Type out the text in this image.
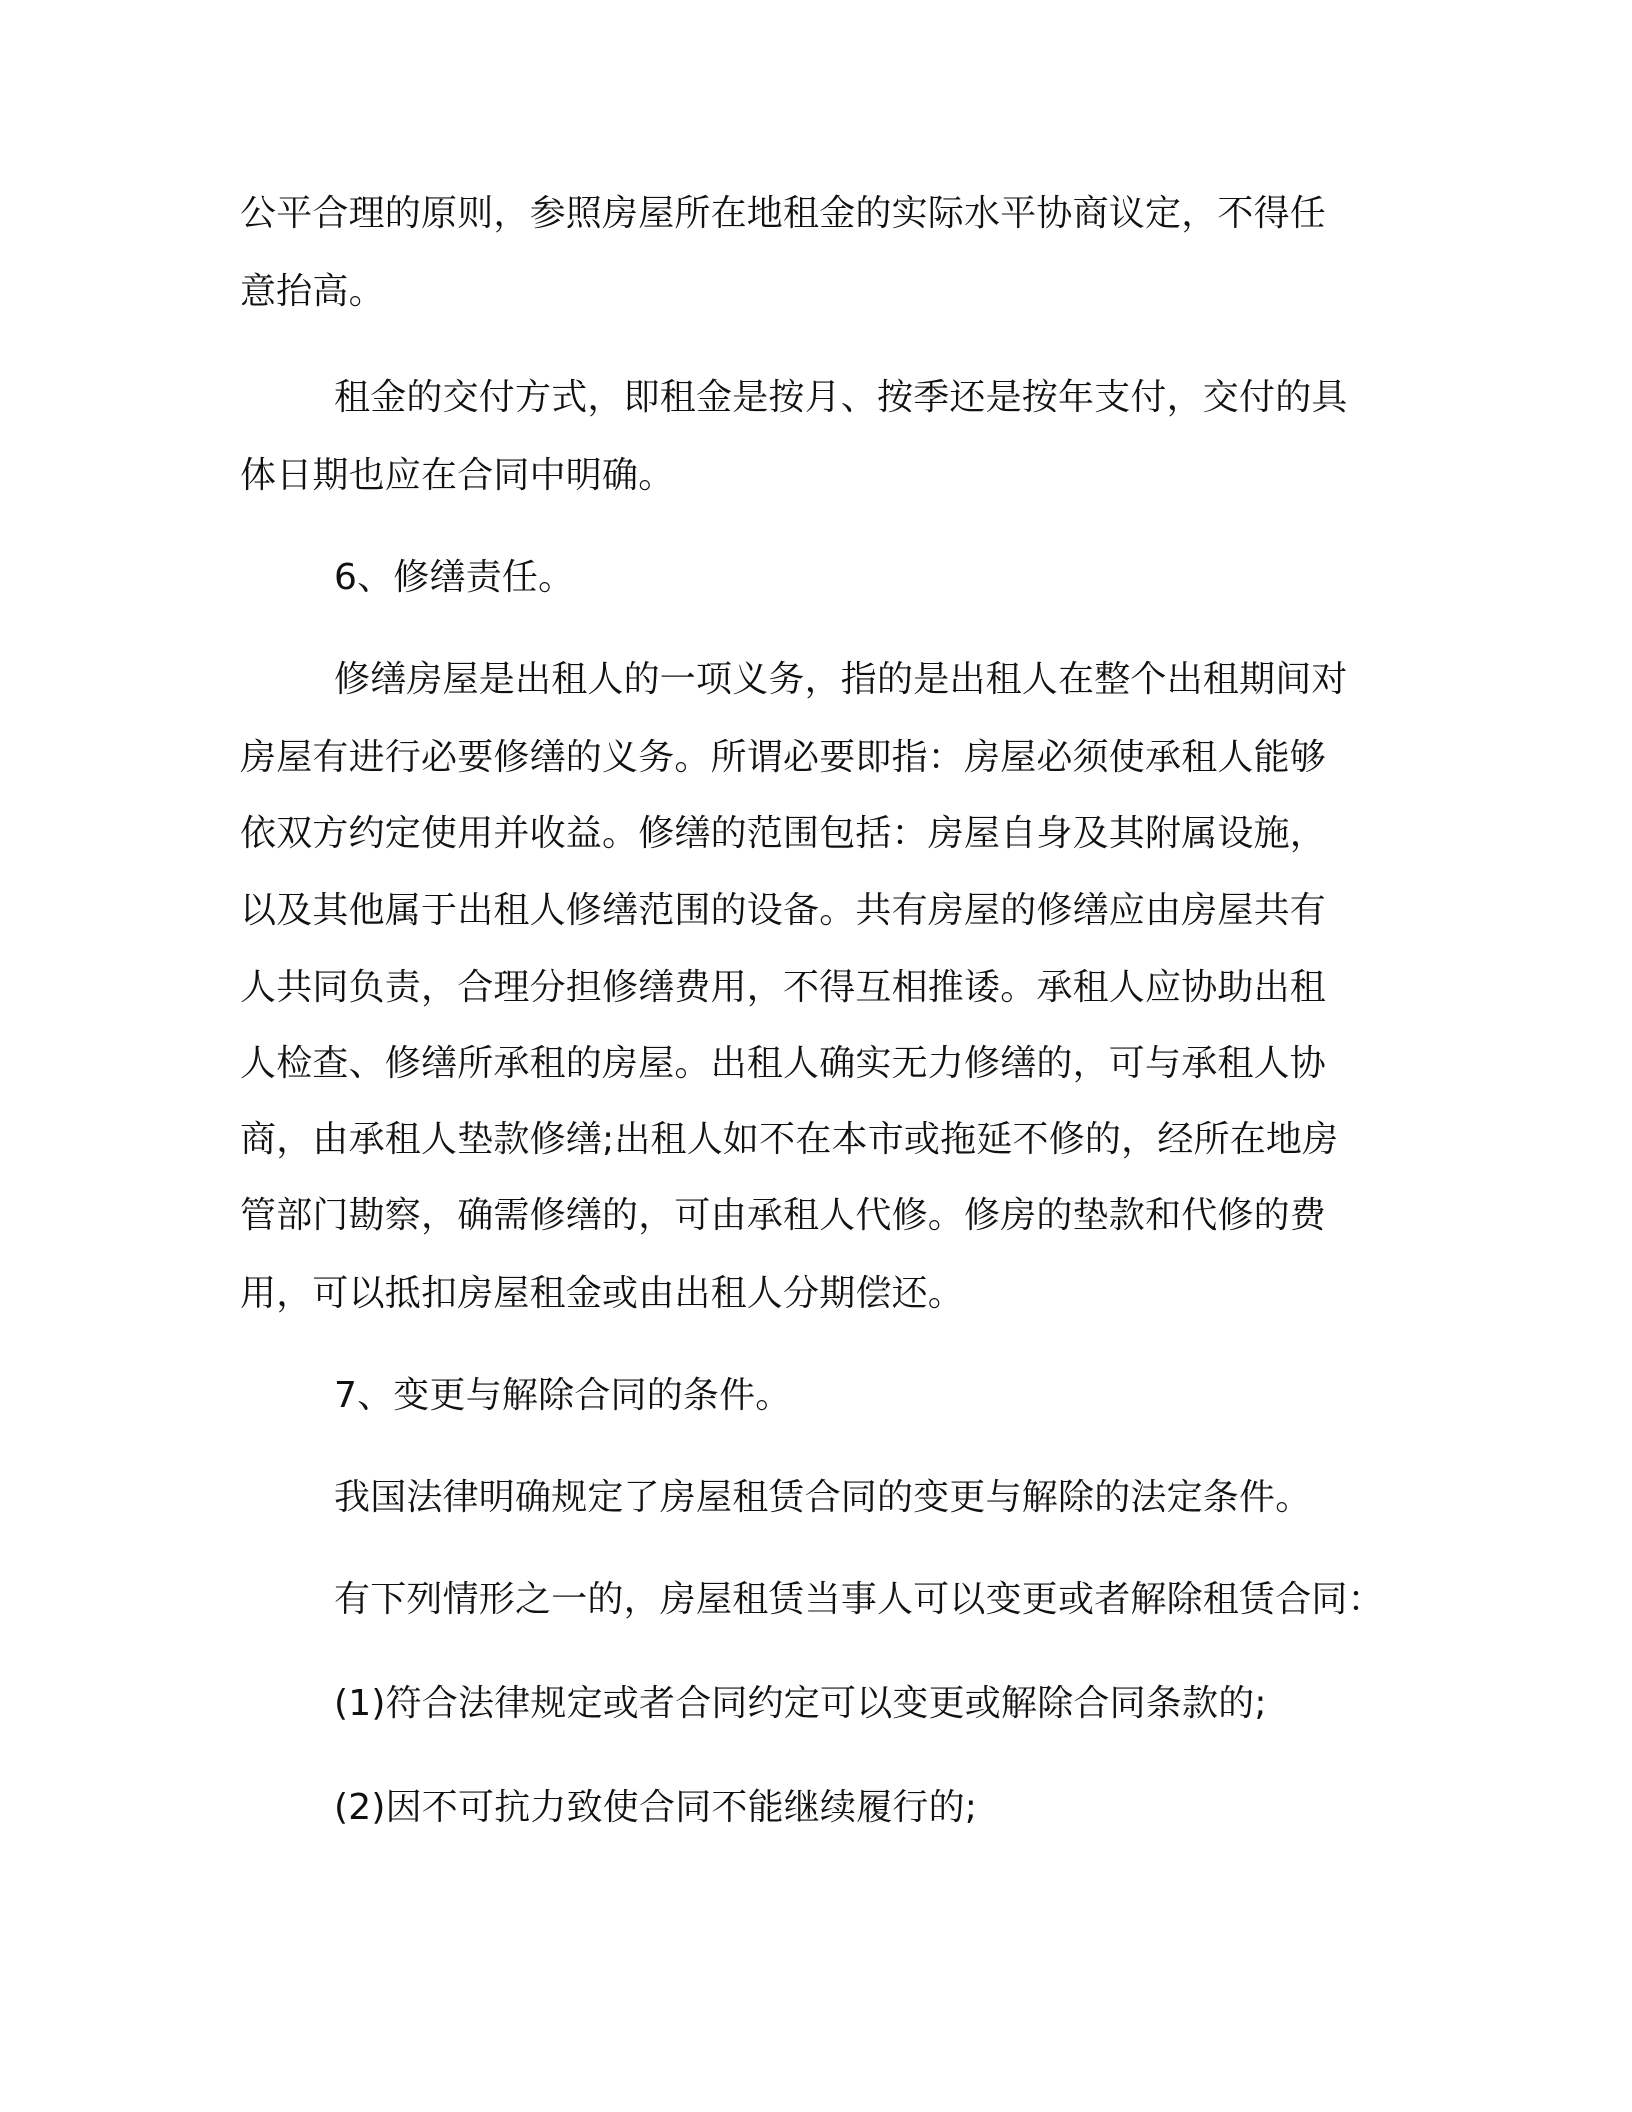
公平合理的原则，参照房屋所在地租金的实际水平协商议定，不得任

意抬高。

租金的交付方式，即租金是按月、按季还是按年支付，交付的具

体日期也应在合同中明确。

6、修缮责任。

修缮房屋是出租人的一项义务，指的是出租人在整个出租期间对

房屋有进行必要修缮的义务。所谓必要即指：房屋必须使承租人能够

依双方约定使用并收益。修缮的范围包括：房屋自身及其附属设施，

以及其他属于出租人修缮范围的设备。共有房屋的修缮应由房屋共有

人共同负责，合理分担修缮费用，不得互相推诿。承租人应协助出租

人检查、修缮所承租的房屋。出租人确实无力修缮的，可与承租人协

商，由承租人垫款修缮;出租人如不在本市或拖延不修的，经所在地房

管部门勘察，确需修缮的，可由承租人代修。修房的垫款和代修的费

用，可以抵扣房屋租金或由出租人分期偿还。

7、变更与解除合同的条件。

我国法律明确规定了房屋租赁合同的变更与解除的法定条件。

有下列情形之一的，房屋租赁当事人可以变更或者解除租赁合同：

(1)符合法律规定或者合同约定可以变更或解除合同条款的;

(2)因不可抗力致使合同不能继续履行的;
